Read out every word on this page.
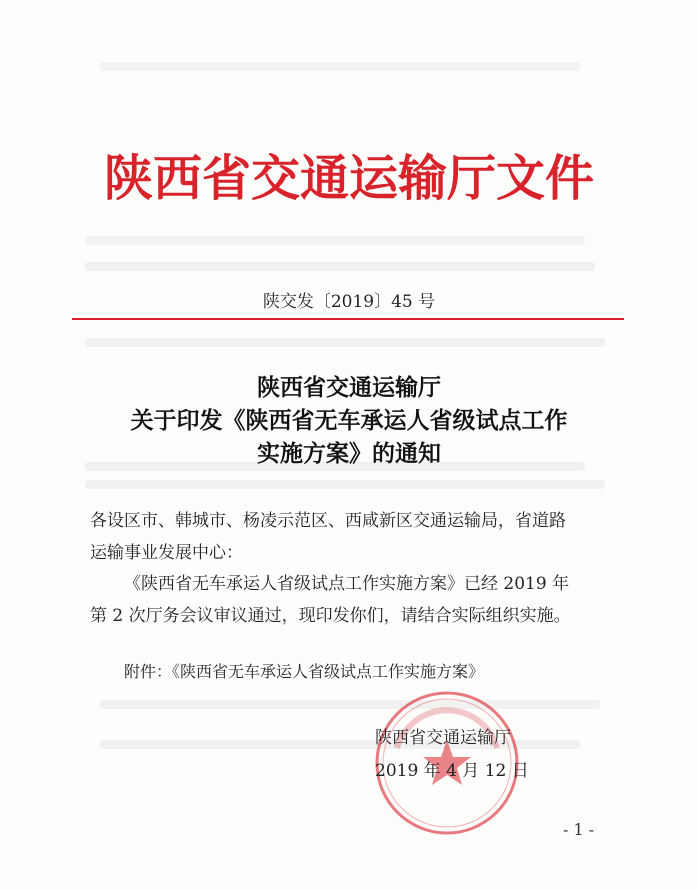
陕西省交通运输厅文件
陕交发〔2019〕45 号
陕西省交通运输厅
关于印发《陕西省无车承运人省级试点工作
实施方案》的通知
各设区市、韩城市、杨凌示范区、西咸新区交通运输局，省道路
运输事业发展中心：
《陕西省无车承运人省级试点工作实施方案》已经 2019 年
第 2 次厅务会议审议通过，现印发你们，请结合实际组织实施。
附件：《陕西省无车承运人省级试点工作实施方案》
陕西省交通运输厅
2019 年 4 月 12 日
- 1 -
